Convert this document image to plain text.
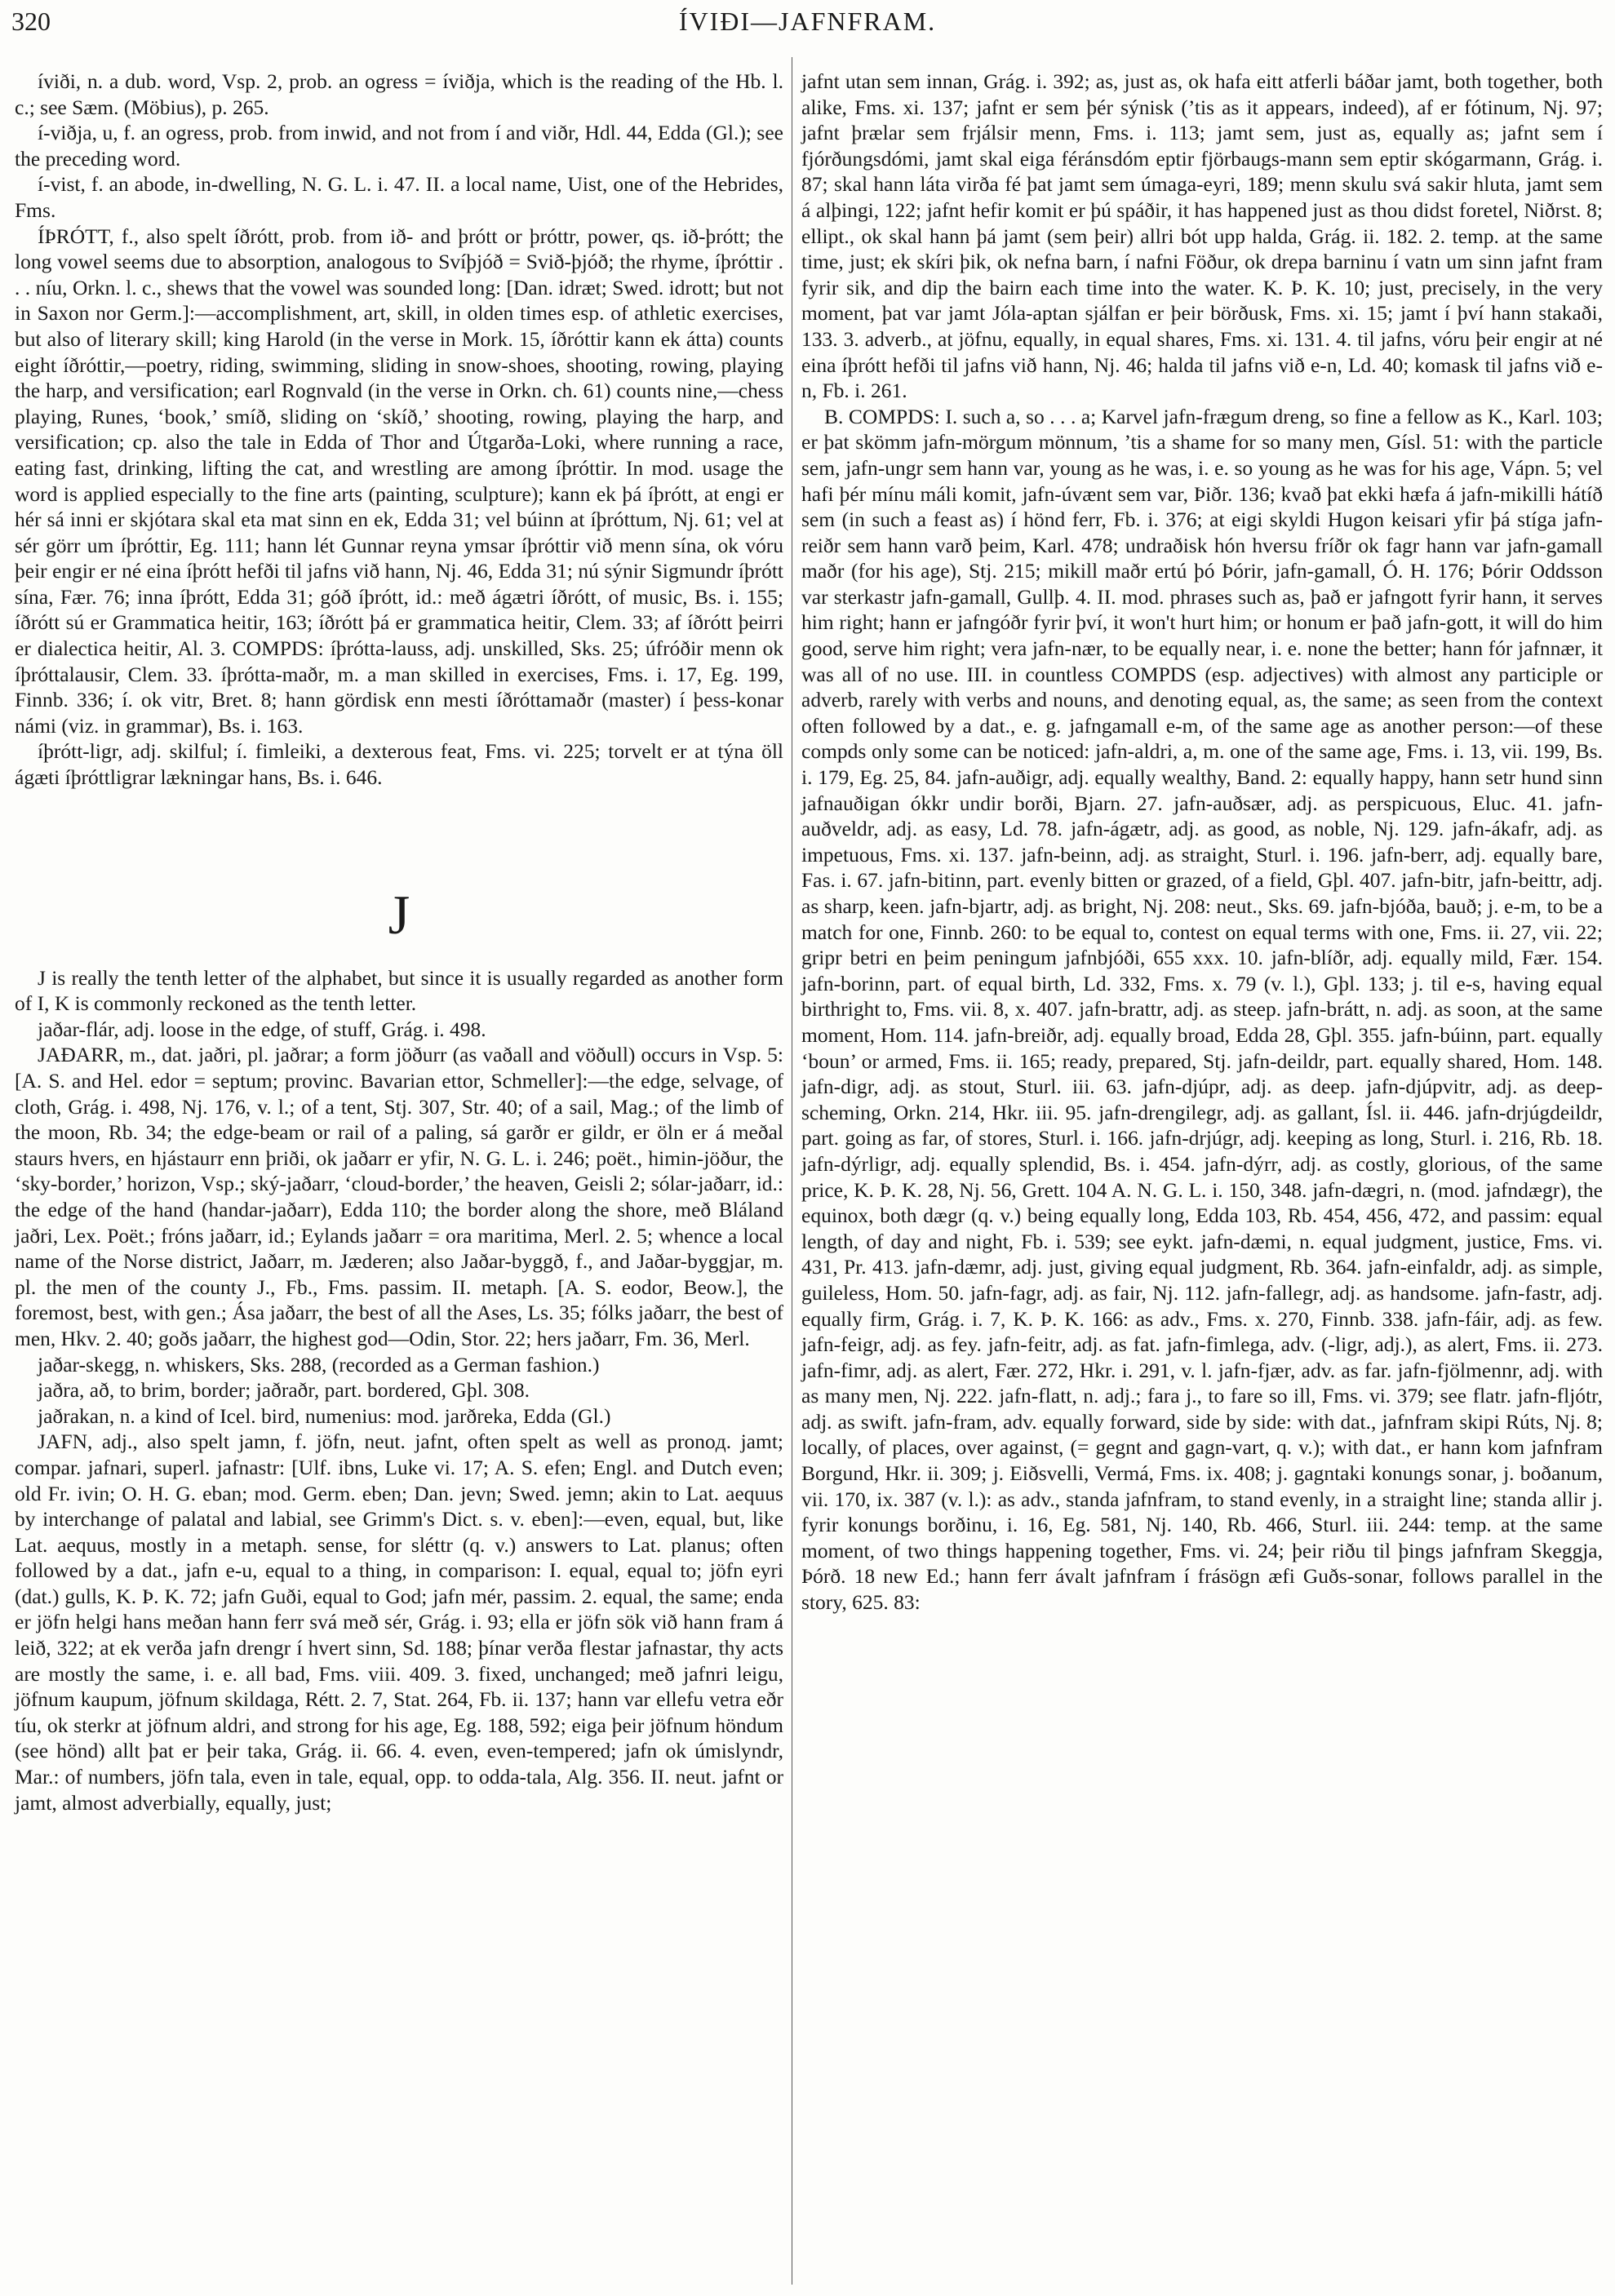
320	ÍVIÐI—JAFNFRAM.

íviði, n. a dub. word, Vsp. 2, prob. an ogress = íviðja, which is the reading of the Hb. l. c.; see Sæm. (Möbius), p. 265.

í-viðja, u, f. an ogress, prob. from inwid, and not from í and viðr, Hdl. 44, Edda (Gl.); see the preceding word.

í-vist, f. an abode, in-dwelling, N. G. L. i. 47. II. a local name, Uist, one of the Hebrides, Fms.

ÍÞRÓTT, f., also spelt íðrótt, prob. from ið- and þrótt or þróttr, power, qs. ið-þrótt; the long vowel seems due to absorption, analogous to Svíþjóð = Svið-þjóð; the rhyme, íþróttir . . . níu, Orkn. l. c., shews that the vowel was sounded long: [Dan. idræt; Swed. idrott; but not in Saxon nor Germ.]:—accomplishment, art, skill, in olden times esp. of athletic exercises, but also of literary skill; king Harold (in the verse in Mork. 15, íðróttir kann ek átta) counts eight íðróttir,—poetry, riding, swimming, sliding in snow-shoes, shooting, rowing, playing the harp, and versification; earl Rognvald (in the verse in Orkn. ch. 61) counts nine,—chess playing, Runes, ‘book,’ smíð, sliding on ‘skíð,’ shooting, rowing, playing the harp, and versification; cp. also the tale in Edda of Thor and Útgarða-Loki, where running a race, eating fast, drinking, lifting the cat, and wrestling are among íþróttir. In mod. usage the word is applied especially to the fine arts (painting, sculpture); kann ek þá íþrótt, at engi er hér sá inni er skjótara skal eta mat sinn en ek, Edda 31; vel búinn at íþróttum, Nj. 61; vel at sér görr um íþróttir, Eg. 111; hann lét Gunnar reyna ymsar íþróttir við menn sína, ok vóru þeir engir er né eina íþrótt hefði til jafns við hann, Nj. 46, Edda 31; nú sýnir Sigmundr íþrótt sína, Fær. 76; inna íþrótt, Edda 31; góð íþrótt, id.: með ágætri íðrótt, of music, Bs. i. 155; íðrótt sú er Grammatica heitir, 163; íðrótt þá er grammatica heitir, Clem. 33; af íðrótt þeirri er dialectica heitir, Al. 3. COMPDS: íþrótta-lauss, adj. unskilled, Sks. 25; úfróðir menn ok íþróttalausir, Clem. 33. íþrótta-maðr, m. a man skilled in exercises, Fms. i. 17, Eg. 199, Finnb. 336; í. ok vitr, Bret. 8; hann gördisk enn mesti íðróttamaðr (master) í þess-konar námi (viz. in grammar), Bs. i. 163.

íþrótt-ligr, adj. skilful; í. fimleiki, a dexterous feat, Fms. vi. 225; torvelt er at týna öll ágæti íþróttligrar lækningar hans, Bs. i. 646.

J

J is really the tenth letter of the alphabet, but since it is usually regarded as another form of I, K is commonly reckoned as the tenth letter.

jaðar-flár, adj. loose in the edge, of stuff, Grág. i. 498.

JAÐARR, m., dat. jaðri, pl. jaðrar; a form jöðurr (as vaðall and vöðull) occurs in Vsp. 5: [A. S. and Hel. edor = septum; provinc. Bavarian ettor, Schmeller]:—the edge, selvage, of cloth, Grág. i. 498, Nj. 176, v. l.; of a tent, Stj. 307, Str. 40; of a sail, Mag.; of the limb of the moon, Rb. 34; the edge-beam or rail of a paling, sá garðr er gildr, er öln er á meðal staurs hvers, en hjástaurr enn þriði, ok jaðarr er yfir, N. G. L. i. 246; poët., himin-jöður, the ‘sky-border,’ horizon, Vsp.; ský-jaðarr, ‘cloud-border,’ the heaven, Geisli 2; sólar-jaðarr, id.: the edge of the hand (handar-jaðarr), Edda 110; the border along the shore, með Bláland jaðri, Lex. Poët.; fróns jaðarr, id.; Eylands jaðarr = ora maritima, Merl. 2. 5; whence a local name of the Norse district, Jaðarr, m. Jæderen; also Jaðar-byggð, f., and Jaðar-byggjar, m. pl. the men of the county J., Fb., Fms. passim. II. metaph. [A. S. eodor, Beow.], the foremost, best, with gen.; Ása jaðarr, the best of all the Ases, Ls. 35; fólks jaðarr, the best of men, Hkv. 2. 40; goðs jaðarr, the highest god—Odin, Stor. 22; hers jaðarr, Fm. 36, Merl.

jaðar-skegg, n. whiskers, Sks. 288, (recorded as a German fashion.)

jaðra, að, to brim, border; jaðraðr, part. bordered, Gþl. 308.

jaðrakan, n. a kind of Icel. bird, numenius: mod. jarðreka, Edda (Gl.)

JAFN, adj., also spelt jamn, f. jöfn, neut. jafnt, often spelt as well as pronoд. jamt; compar. jafnari, superl. jafnastr: [Ulf. ibns, Luke vi. 17; A. S. efen; Engl. and Dutch even; old Fr. ivin; O. H. G. eban; mod. Germ. eben; Dan. jevn; Swed. jemn; akin to Lat. aequus by interchange of palatal and labial, see Grimm's Dict. s. v. eben]:—even, equal, but, like Lat. aequus, mostly in a metaph. sense, for sléttr (q. v.) answers to Lat. planus; often followed by a dat., jafn e-u, equal to a thing, in comparison: I. equal, equal to; jöfn eyri (dat.) gulls, K. Þ. K. 72; jafn Guði, equal to God; jafn mér, passim. 2. equal, the same; enda er jöfn helgi hans meðan hann ferr svá með sér, Grág. i. 93; ella er jöfn sök við hann fram á leið, 322; at ek verða jafn drengr í hvert sinn, Sd. 188; þínar verða flestar jafnastar, thy acts are mostly the same, i. e. all bad, Fms. viii. 409. 3. fixed, unchanged; með jafnri leigu, jöfnum kaupum, jöfnum skildaga, Rétt. 2. 7, Stat. 264, Fb. ii. 137; hann var ellefu vetra eðr tíu, ok sterkr at jöfnum aldri, and strong for his age, Eg. 188, 592; eiga þeir jöfnum höndum (see hönd) allt þat er þeir taka, Grág. ii. 66. 4. even, even-tempered; jafn ok úmislyndr, Mar.: of numbers, jöfn tala, even in tale, equal, opp. to odda-tala, Alg. 356. II. neut. jafnt or jamt, almost adverbially, equally, just;

jafnt utan sem innan, Grág. i. 392; as, just as, ok hafa eitt atferli báðar jamt, both together, both alike, Fms. xi. 137; jafnt er sem þér sýnisk (’tis as it appears, indeed), af er fótinum, Nj. 97; jafnt þrælar sem frjálsir menn, Fms. i. 113; jamt sem, just as, equally as; jafnt sem í fjórðungsdómi, jamt skal eiga féránsdóm eptir fjörbaugs-mann sem eptir skógarmann, Grág. i. 87; skal hann láta virða fé þat jamt sem úmaga-eyri, 189; menn skulu svá sakir hluta, jamt sem á alþingi, 122; jafnt hefir komit er þú spáðir, it has happened just as thou didst foretel, Niðrst. 8; ellipt., ok skal hann þá jamt (sem þeir) allri bót upp halda, Grág. ii. 182. 2. temp. at the same time, just; ek skíri þik, ok nefna barn, í nafni Föður, ok drepa barninu í vatn um sinn jafnt fram fyrir sik, and dip the bairn each time into the water. K. Þ. K. 10; just, precisely, in the very moment, þat var jamt Jóla-aptan sjálfan er þeir börðusk, Fms. xi. 15; jamt í því hann stakaði, 133. 3. adverb., at jöfnu, equally, in equal shares, Fms. xi. 131. 4. til jafns, vóru þeir engir at né eina íþrótt hefði til jafns við hann, Nj. 46; halda til jafns við e-n, Ld. 40; komask til jafns við e-n, Fb. i. 261.

B. COMPDS: I. such a, so . . . a; Karvel jafn-frægum dreng, so fine a fellow as K., Karl. 103; er þat skömm jafn-mörgum mönnum, ’tis a shame for so many men, Gísl. 51: with the particle sem, jafn-ungr sem hann var, young as he was, i. e. so young as he was for his age, Vápn. 5; vel hafi þér mínu máli komit, jafn-úvænt sem var, Þiðr. 136; kvað þat ekki hæfa á jafn-mikilli hátíð sem (in such a feast as) í hönd ferr, Fb. i. 376; at eigi skyldi Hugon keisari yfir þá stíga jafn-reiðr sem hann varð þeim, Karl. 478; undraðisk hón hversu fríðr ok fagr hann var jafn-gamall maðr (for his age), Stj. 215; mikill maðr ertú þó Þórir, jafn-gamall, Ó. H. 176; Þórir Oddsson var sterkastr jafn-gamall, Gullþ. 4. II. mod. phrases such as, það er jafngott fyrir hann, it serves him right; hann er jafngóðr fyrir því, it won't hurt him; or honum er það jafn-gott, it will do him good, serve him right; vera jafn-nær, to be equally near, i. e. none the better; hann fór jafnnær, it was all of no use. III. in countless COMPDS (esp. adjectives) with almost any participle or adverb, rarely with verbs and nouns, and denoting equal, as, the same; as seen from the context often followed by a dat., e. g. jafngamall e-m, of the same age as another person:—of these compds only some can be noticed: jafn-aldri, a, m. one of the same age, Fms. i. 13, vii. 199, Bs. i. 179, Eg. 25, 84. jafn-auðigr, adj. equally wealthy, Band. 2: equally happy, hann setr hund sinn jafnauðigan ókkr undir borði, Bjarn. 27. jafn-auðsær, adj. as perspicuous, Eluc. 41. jafn-auðveldr, adj. as easy, Ld. 78. jafn-ágætr, adj. as good, as noble, Nj. 129. jafn-ákafr, adj. as impetuous, Fms. xi. 137. jafn-beinn, adj. as straight, Sturl. i. 196. jafn-berr, adj. equally bare, Fas. i. 67. jafn-bitinn, part. evenly bitten or grazed, of a field, Gþl. 407. jafn-bitr, jafn-beittr, adj. as sharp, keen. jafn-bjartr, adj. as bright, Nj. 208: neut., Sks. 69. jafn-bjóða, bauð; j. e-m, to be a match for one, Finnb. 260: to be equal to, contest on equal terms with one, Fms. ii. 27, vii. 22; gripr betri en þeim peningum jafnbjóði, 655 xxx. 10. jafn-blíðr, adj. equally mild, Fær. 154. jafn-borinn, part. of equal birth, Ld. 332, Fms. x. 79 (v. l.), Gþl. 133; j. til e-s, having equal birthright to, Fms. vii. 8, x. 407. jafn-brattr, adj. as steep. jafn-brátt, n. adj. as soon, at the same moment, Hom. 114. jafn-breiðr, adj. equally broad, Edda 28, Gþl. 355. jafn-búinn, part. equally ‘boun’ or armed, Fms. ii. 165; ready, prepared, Stj. jafn-deildr, part. equally shared, Hom. 148. jafn-digr, adj. as stout, Sturl. iii. 63. jafn-djúpr, adj. as deep. jafn-djúpvitr, adj. as deep-scheming, Orkn. 214, Hkr. iii. 95. jafn-drengilegr, adj. as gallant, Ísl. ii. 446. jafn-drjúgdeildr, part. going as far, of stores, Sturl. i. 166. jafn-drjúgr, adj. keeping as long, Sturl. i. 216, Rb. 18. jafn-dýrligr, adj. equally splendid, Bs. i. 454. jafn-dýrr, adj. as costly, glorious, of the same price, K. Þ. K. 28, Nj. 56, Grett. 104 A. N. G. L. i. 150, 348. jafn-dægri, n. (mod. jafndægr), the equinox, both dægr (q. v.) being equally long, Edda 103, Rb. 454, 456, 472, and passim: equal length, of day and night, Fb. i. 539; see eykt. jafn-dæmi, n. equal judgment, justice, Fms. vi. 431, Pr. 413. jafn-dæmr, adj. just, giving equal judgment, Rb. 364. jafn-einfaldr, adj. as simple, guileless, Hom. 50. jafn-fagr, adj. as fair, Nj. 112. jafn-fallegr, adj. as handsome. jafn-fastr, adj. equally firm, Grág. i. 7, K. Þ. K. 166: as adv., Fms. x. 270, Finnb. 338. jafn-fáir, adj. as few. jafn-feigr, adj. as fey. jafn-feitr, adj. as fat. jafn-fimlega, adv. (-ligr, adj.), as alert, Fms. ii. 273. jafn-fimr, adj. as alert, Fær. 272, Hkr. i. 291, v. l. jafn-fjær, adv. as far. jafn-fjölmennr, adj. with as many men, Nj. 222. jafn-flatt, n. adj.; fara j., to fare so ill, Fms. vi. 379; see flatr. jafn-fljótr, adj. as swift. jafn-fram, adv. equally forward, side by side: with dat., jafnfram skipi Rúts, Nj. 8; locally, of places, over against, (= gegnt and gagn-vart, q. v.); with dat., er hann kom jafnfram Borgund, Hkr. ii. 309; j. Eiðsvelli, Vermá, Fms. ix. 408; j. gagntaki konungs sonar, j. boðanum, vii. 170, ix. 387 (v. l.): as adv., standa jafnfram, to stand evenly, in a straight line; standa allir j. fyrir konungs borðinu, i. 16, Eg. 581, Nj. 140, Rb. 466, Sturl. iii. 244: temp. at the same moment, of two things happening together, Fms. vi. 24; þeir riðu til þings jafnfram Skeggja, Þórð. 18 new Ed.; hann ferr ávalt jafnfram í frásögn æfi Guðs-sonar, follows parallel in the story, 625. 83:
